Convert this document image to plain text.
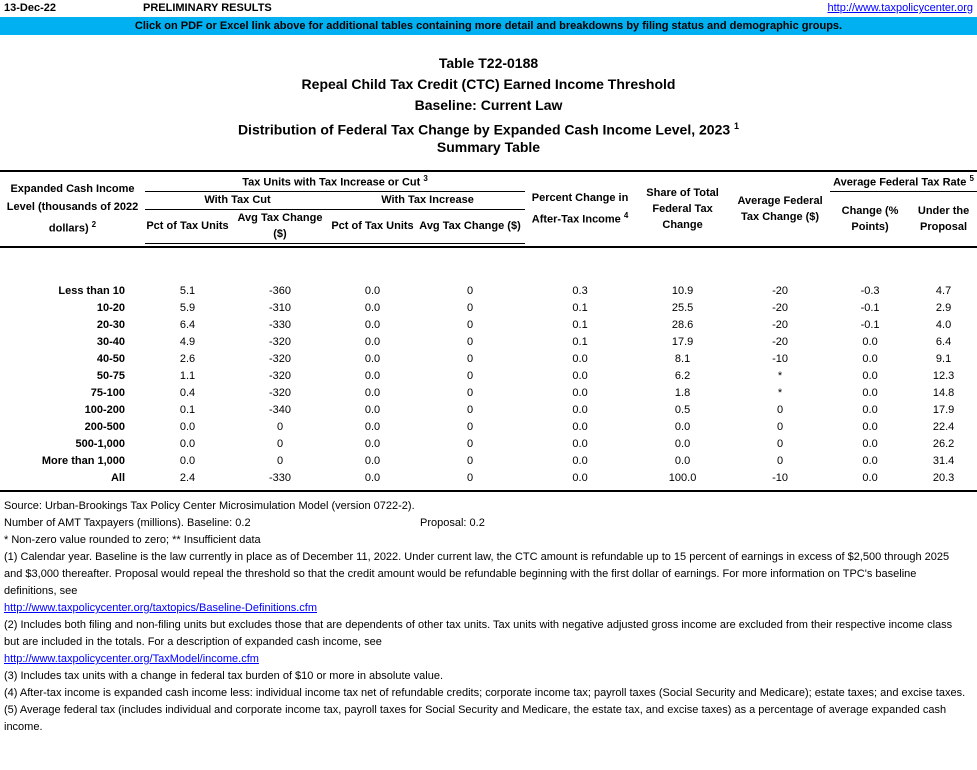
13-Dec-22	PRELIMINARY RESULTS	http://www.taxpolicycenter.org
Click on PDF or Excel link above for additional tables containing more detail and breakdowns by filing status and demographic groups.
Table T22-0188
Repeal Child Tax Credit (CTC) Earned Income Threshold
Baseline: Current Law
Distribution of Federal Tax Change by Expanded Cash Income Level, 2023 $^1$
Summary Table
Expanded Cash Income Level (thousands of 2022 dollars) $^2$	Tax Units with Tax Increase or Cut $^3$				Percent Change in After-Tax Income $^4$	Share of Total Federal Tax Change	Average Federal Tax Change ($)	Average Federal Tax Rate $^5$
	With Tax Cut		With Tax Increase					Change (% Points)	Under the Proposal
	Pct of Tax Units	Avg Tax Change ($)	Pct of Tax Units	Avg Tax Change ($)					

Less than 10	5.1	-360	0.0	0	0.3	10.9	-20	-0.3	4.7
10-20	5.9	-310	0.0	0	0.1	25.5	-20	-0.1	2.9
20-30	6.4	-330	0.0	0	0.1	28.6	-20	-0.1	4.0
30-40	4.9	-320	0.0	0	0.1	17.9	-20	0.0	6.4
40-50	2.6	-320	0.0	0	0.0	8.1	-10	0.0	9.1
50-75	1.1	-320	0.0	0	0.0	6.2	*	0.0	12.3
75-100	0.4	-320	0.0	0	0.0	1.8	*	0.0	14.8
100-200	0.1	-340	0.0	0	0.0	0.5	0	0.0	17.9
200-500	0.0	0	0.0	0	0.0	0.0	0	0.0	22.4
500-1,000	0.0	0	0.0	0	0.0	0.0	0	0.0	26.2
More than 1,000	0.0	0	0.0	0	0.0	0.0	0	0.0	31.4
All	2.4	-330	0.0	0	0.0	100.0	-10	0.0	20.3

Source: Urban-Brookings Tax Policy Center Microsimulation Model (version 0722-2).
Number of AMT Taxpayers (millions). Baseline: 0.2	Proposal: 0.2
* Non-zero value rounded to zero; ** Insufficient data
(1) Calendar year. Baseline is the law currently in place as of December 11, 2022. Under current law, the CTC amount is refundable up to 15 percent of earnings in excess of $2,500 through 2025 and $3,000 thereafter. Proposal would repeal the threshold so that the credit amount would be refundable beginning with the first dollar of earnings. For more information on TPC's baseline definitions, see
http://www.taxpolicycenter.org/taxtopics/Baseline-Definitions.cfm
(2) Includes both filing and non-filing units but excludes those that are dependents of other tax units. Tax units with negative adjusted gross income are excluded from their respective income class but are included in the totals. For a description of expanded cash income, see
http://www.taxpolicycenter.org/TaxModel/income.cfm
(3) Includes tax units with a change in federal tax burden of $10 or more in absolute value.
(4) After-tax income is expanded cash income less: individual income tax net of refundable credits; corporate income tax; payroll taxes (Social Security and Medicare); estate taxes; and excise taxes.
(5) Average federal tax (includes individual and corporate income tax, payroll taxes for Social Security and Medicare, the estate tax, and excise taxes) as a percentage of average expanded cash income.
